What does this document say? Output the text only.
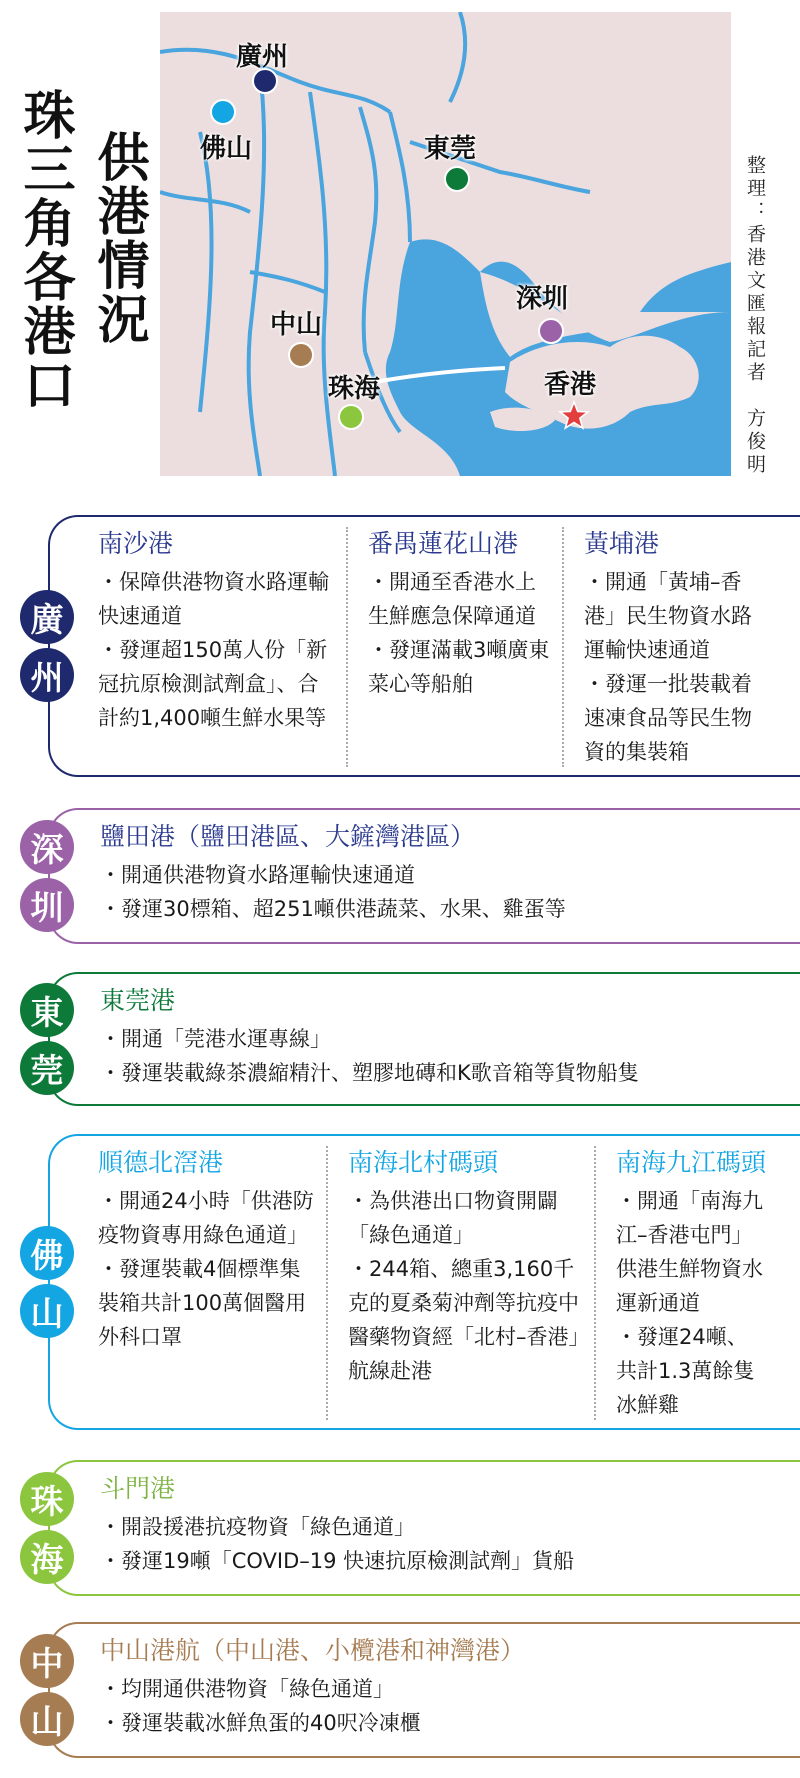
珠三角各港口 供港情況	整理：香港文匯報記者　方俊明
廣州
佛山	東莞
深圳
中山
珠海	香港
廣
州
南沙港
・ 保障供港物資水路運輸快速通道
・ 發運超150萬人份「新冠抗原檢測試劑盒」、合計約1,400噸生鮮水果等
番禺蓮花山港
・ 開通至香港水上生鮮應急保障通道
・ 發運滿載3噸廣東菜心等船舶
黃埔港
・ 開通「黃埔–香港」民生物資水路運輸快速通道
・ 發運一批裝載着速凍食品等民生物資的集裝箱
深
圳
鹽田港（鹽田港區、大鏟灣港區）
・ 開通供港物資水路運輸快速通道
・ 發運30標箱、超251噸供港蔬菜、水果、雞蛋等
東
莞
東莞港
・ 開通「莞港水運專線」
・ 發運裝載綠茶濃縮精汁、塑膠地磚和K歌音箱等貨物船隻
佛
山
順德北滘港
・ 開通24小時「供港防疫物資專用綠色通道」
・ 發運裝載4個標準集裝箱共計100萬個醫用外科口罩
南海北村碼頭
・ 為供港出口物資開闢「綠色通道」
・ 244箱、總重3,160千克的夏桑菊沖劑等抗疫中醫藥物資經「北村–香港」航線赴港
南海九江碼頭
・ 開通「南海九江–香港屯門」供港生鮮物資水運新通道
・ 發運24噸、共計1.3萬餘隻冰鮮雞
珠
海
斗門港
・ 開設援港抗疫物資「綠色通道」
・ 發運19噸「COVID–19 快速抗原檢測試劑」貨船
中
山
中山港航（中山港、小欖港和神灣港）
・ 均開通供港物資「綠色通道」
・ 發運裝載冰鮮魚蛋的40呎冷凍櫃
